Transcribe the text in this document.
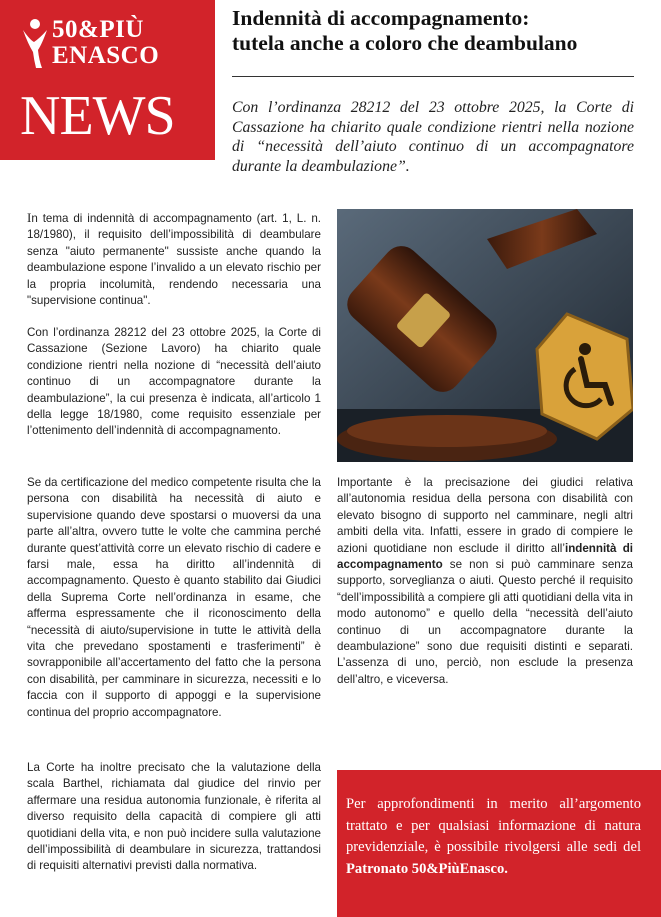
50&PIÙ
ENASCO
NEWS
Indennità di accompagnamento:
tutela anche a coloro che deambulano
Con l’ordinanza 28212 del 23 ottobre 2025, la Corte di Cassazione ha chiarito quale condizione rientri nella nozione di “necessità dell’aiuto continuo di un accompagnatore durante la deambulazione”.

In tema di indennità di accompagnamento (art. 1, L. n. 18/1980), il requisito dell’impossibilità di deambulare senza "aiuto permanente" sussiste anche quando la deambulazione espone l’invalido a un elevato rischio per la propria incolumità, rendendo necessaria una "supervisione continua".

Con l’ordinanza 28212 del 23 ottobre 2025, la Corte di Cassazione (Sezione Lavoro) ha chiarito quale condizione rientri nella nozione di “necessità dell’aiuto continuo di un accompagnatore durante la deambulazione”, la cui presenza è indicata, all’articolo 1 della legge 18/1980, come requisito essenziale per l’ottenimento dell’indennità di accompagnamento.

Se da certificazione del medico competente risulta che la persona con disabilità ha necessità di aiuto e supervisione quando deve spostarsi o muoversi da una parte all’altra, ovvero tutte le volte che cammina perché durante quest’attività corre un elevato rischio di cadere e farsi male, essa ha diritto all’indennità di accompagnamento. Questo è quanto stabilito dai Giudici della Suprema Corte nell’ordinanza in esame, che afferma espressamente che il riconoscimento della “necessità di aiuto/supervisione in tutte le attività della vita che prevedano spostamenti e trasferimenti” è sovrapponibile all’accertamento del fatto che la persona con disabilità, per camminare in sicurezza, necessiti e lo faccia con il supporto di appoggi e la supervisione continua del proprio accompagnatore.

La Corte ha inoltre precisato che la valutazione della scala Barthel, richiamata dal giudice del rinvio per affermare una residua autonomia funzionale, è riferita al diverso requisito della capacità di compiere gli atti quotidiani della vita, e non può incidere sulla valutazione dell’impossibilità di deambulare in sicurezza, trattandosi di requisiti alternativi previsti dalla normativa.

Importante è la precisazione dei giudici relativa all’autonomia residua della persona con disabilità con elevato bisogno di supporto nel camminare, negli altri ambiti della vita. Infatti, essere in grado di compiere le azioni quotidiane non esclude il diritto all’indennità di accompagnamento se non si può camminare senza supporto, sorveglianza o aiuti. Questo perché il requisito “dell’impossibilità a compiere gli atti quotidiani della vita in modo autonomo” e quello della “necessità dell’aiuto continuo di un accompagnatore durante la deambulazione” sono due requisiti distinti e separati. L’assenza di uno, perciò, non esclude la presenza dell’altro, e viceversa.

Per approfondimenti in merito all’argomento trattato e per qualsiasi informazione di natura previdenziale, è possibile rivolgersi alle sedi del Patronato 50&PiùEnasco.
